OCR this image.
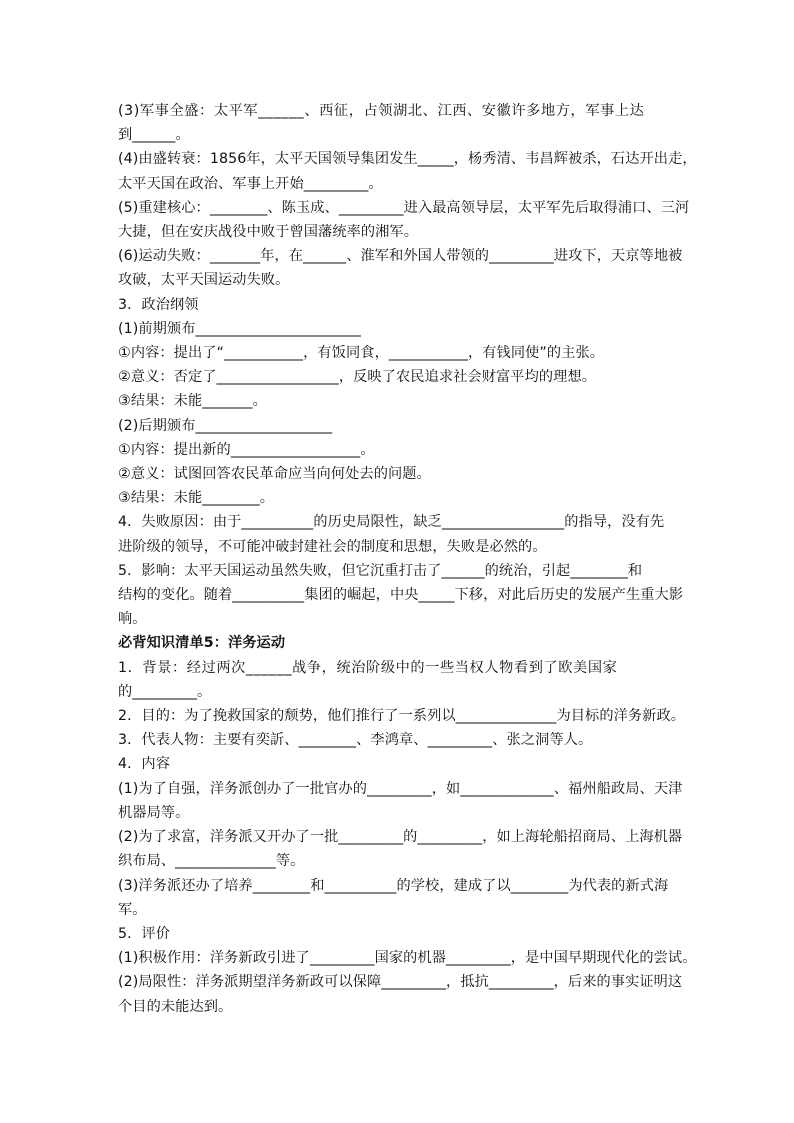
(3)军事全盛：太平军______、西征，占领湖北、江西、安徽许多地方，军事上达
到______。
(4)由盛转衰：1856年，太平天国领导集团发生_____，杨秀清、韦昌辉被杀，石达开出走，
太平天国在政治、军事上开始_________。
(5)重建核心：________、陈玉成、_________进入最高领导层，太平军先后取得浦口、三河
大捷，但在安庆战役中败于曾国藩统率的湘军。
(6)运动失败：_______年，在______、淮军和外国人带领的_________进攻下，天京等地被
攻破，太平天国运动失败。
3．政治纲领
(1)前期颁布_______________________
①内容：提出了“___________，有饭同食，___________，有钱同使”的主张。
②意义：否定了_________________，反映了农民追求社会财富平均的理想。
③结果：未能_______。
(2)后期颁布___________________
①内容：提出新的__________________。
②意义：试图回答农民革命应当向何处去的问题。
③结果：未能________。
4．失败原因：由于__________的历史局限性，缺乏_________________的指导，没有先
进阶级的领导，不可能冲破封建社会的制度和思想，失败是必然的。
5．影响：太平天国运动虽然失败，但它沉重打击了______的统治，引起________和
结构的变化。随着__________集团的崛起，中央_____下移，对此后历史的发展产生重大影
响。
必背知识清单5：洋务运动
1．背景：经过两次______战争，统治阶级中的一些当权人物看到了欧美国家
的_________。
2．目的：为了挽救国家的颓势，他们推行了一系列以______________为目标的洋务新政。
3．代表人物：主要有奕訢、________、李鸿章、_________、张之洞等人。
4．内容
(1)为了自强，洋务派创办了一批官办的_________，如_____________、福州船政局、天津
机器局等。
(2)为了求富，洋务派又开办了一批_________的_________，如上海轮船招商局、上海机器
织布局、______________等。
(3)洋务派还办了培养________和__________的学校，建成了以________为代表的新式海
军。
5．评价
(1)积极作用：洋务新政引进了_________国家的机器_________，是中国早期现代化的尝试。
(2)局限性：洋务派期望洋务新政可以保障_________，抵抗_________，后来的事实证明这
个目的未能达到。
